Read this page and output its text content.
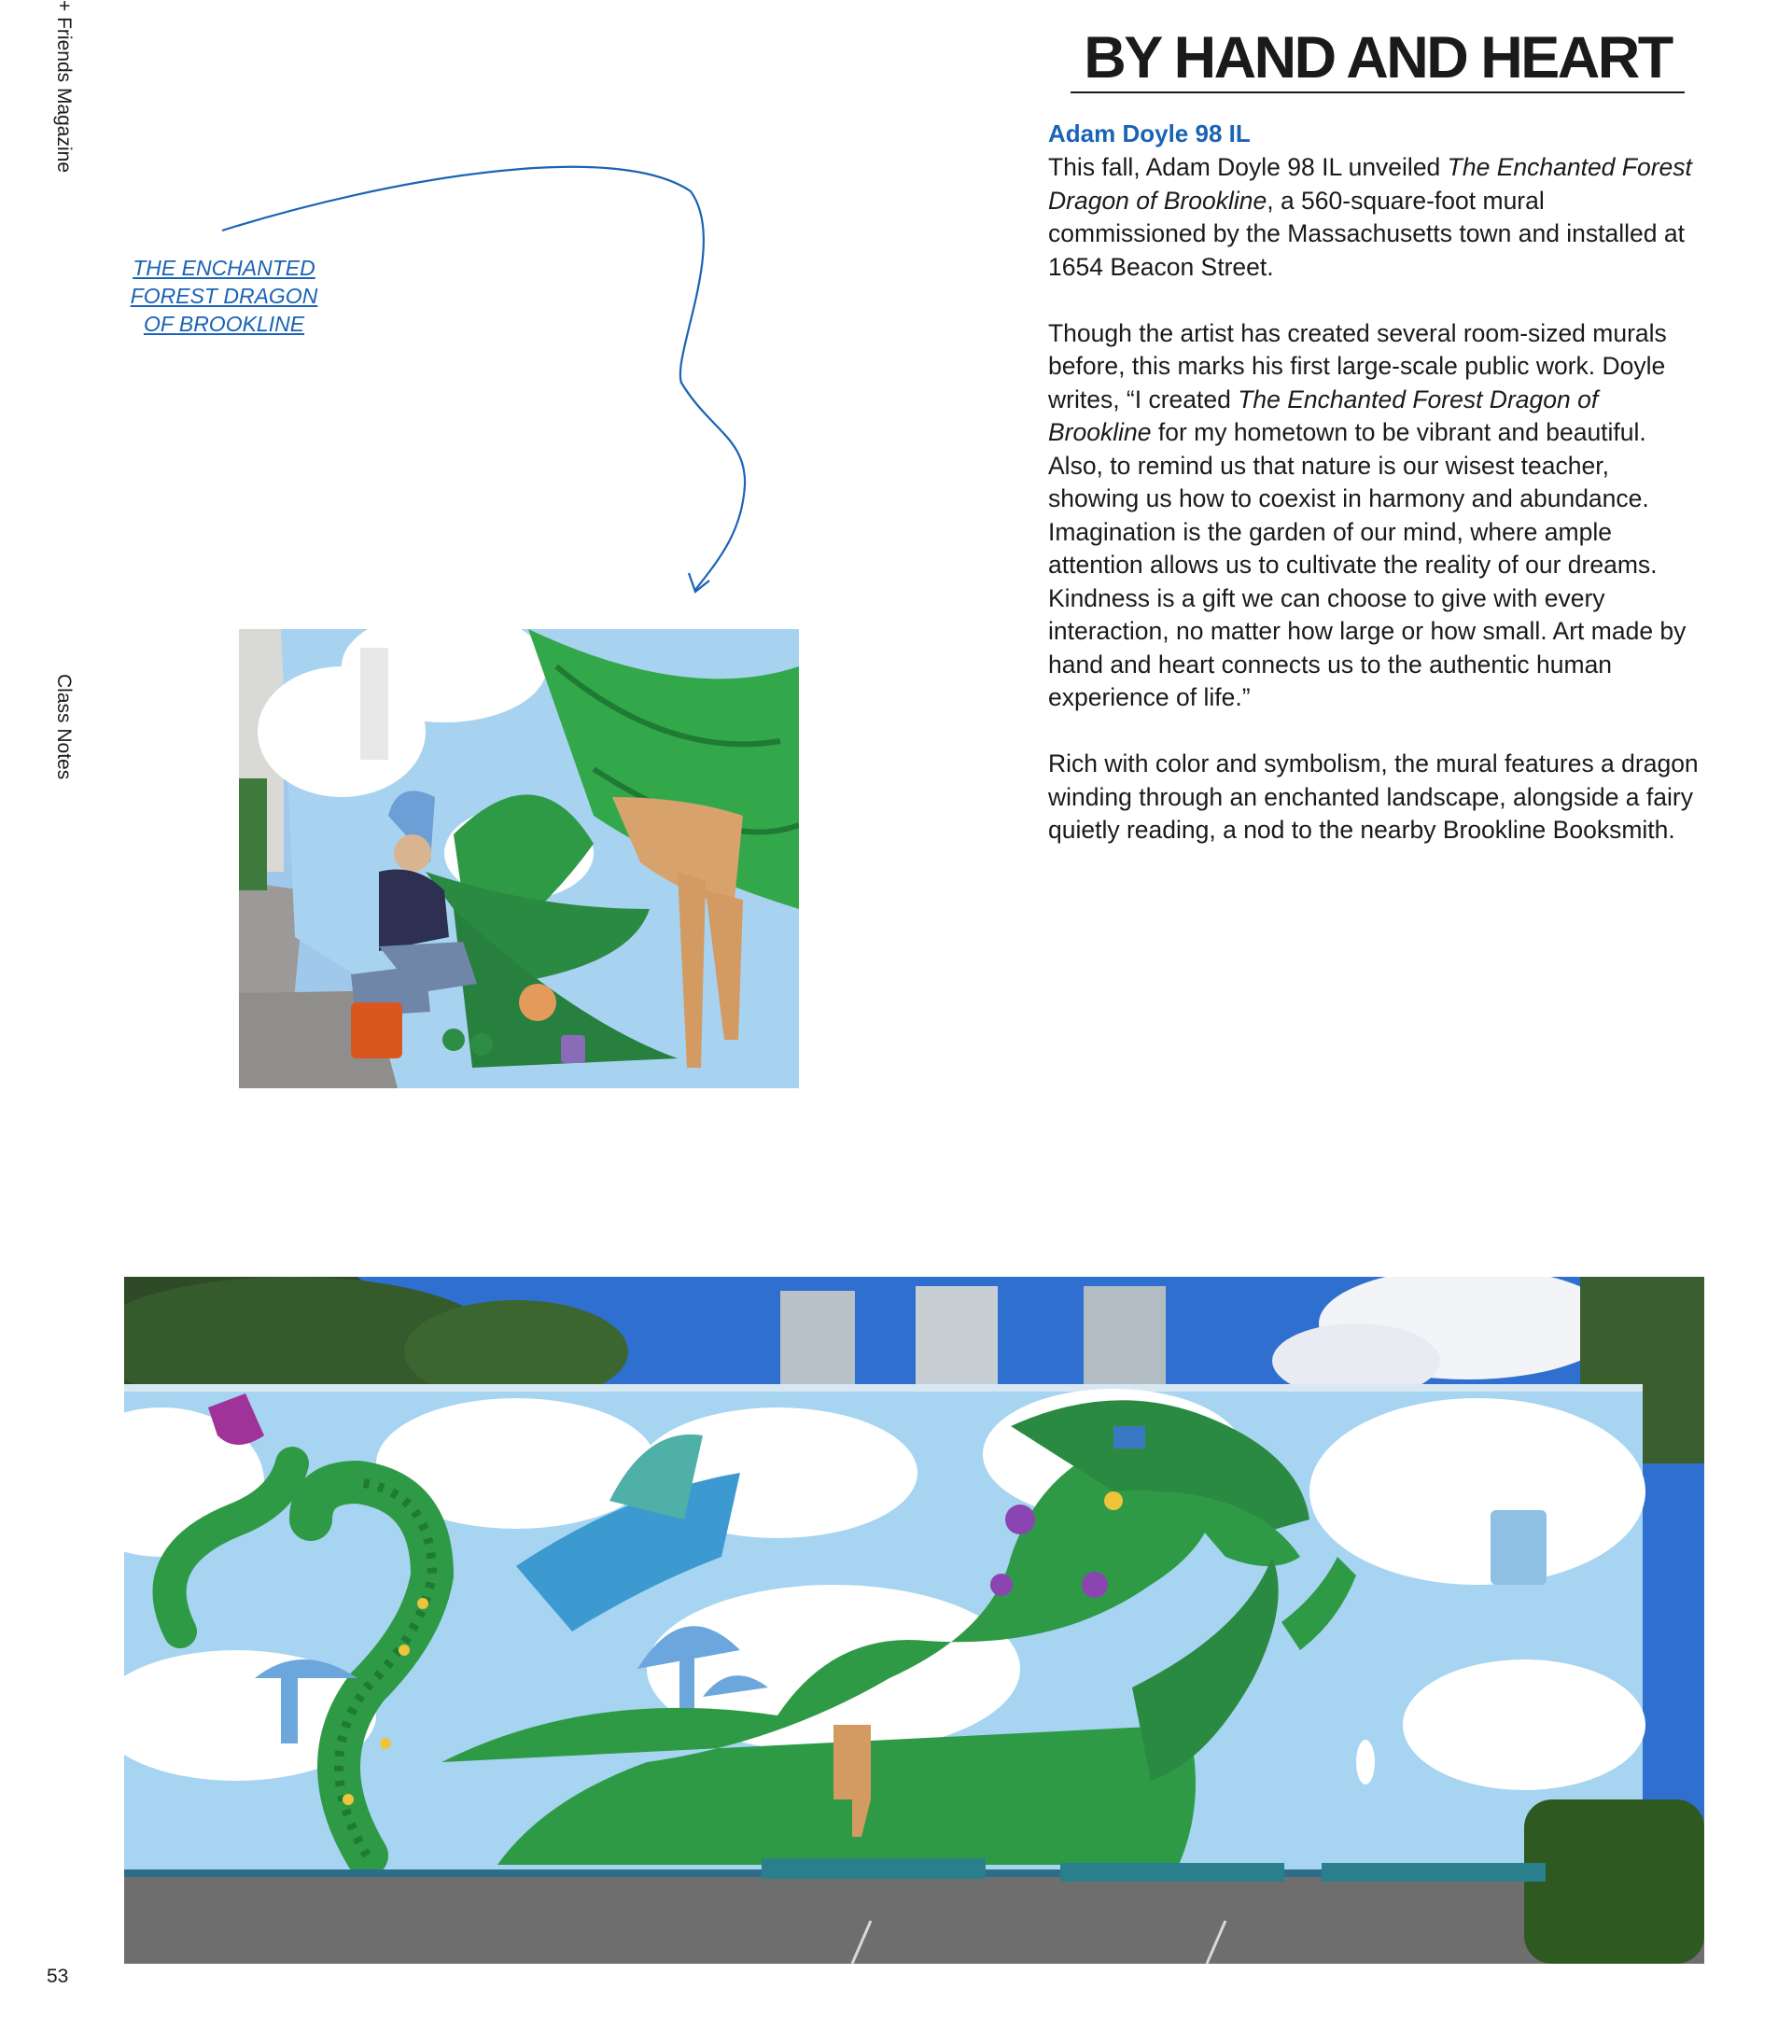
+ Friends Magazine
Class Notes
53
BY HAND AND HEART
Adam Doyle 98 IL

This fall, Adam Doyle 98 IL unveiled The Enchanted Forest Dragon of Brookline, a 560-square-foot mural commissioned by the Massachusetts town and installed at 1654 Beacon Street.

Though the artist has created several room-sized murals before, this marks his first large-scale public work. Doyle writes, “I created The Enchanted Forest Dragon of Brookline for my hometown to be vibrant and beautiful. Also, to remind us that nature is our wisest teacher, showing us how to coexist in harmony and abundance. Imagination is the garden of our mind, where ample attention allows us to cultivate the reality of our dreams. Kindness is a gift we can choose to give with every interaction, no matter how large or how small. Art made by hand and heart connects us to the authentic human experience of life.”

Rich with color and symbolism, the mural features a dragon winding through an enchanted landscape, alongside a fairy quietly reading, a nod to the nearby Brookline Booksmith.

THE ENCHANTED
FOREST DRAGON
OF BROOKLINE
